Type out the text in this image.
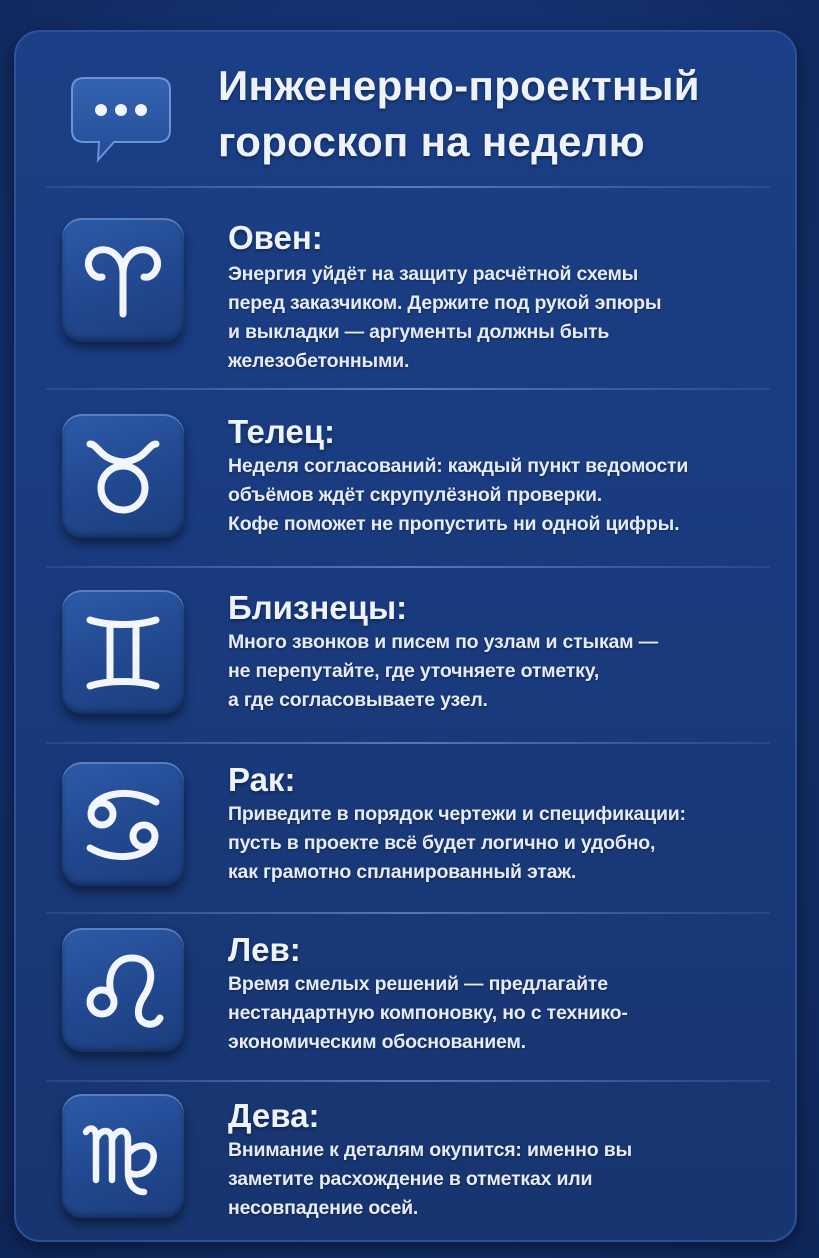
Инженерно-проектный
гороскоп на неделю
Овен:

Энергия уйдёт на защиту расчётной схемы
перед заказчиком. Держите под рукой эпюры
и выкладки — аргументы должны быть
железобетонными.

Телец:

Неделя согласований: каждый пункт ведомости
объёмов ждёт скрупулёзной проверки.
Кофе поможет не пропустить ни одной цифры.

Близнецы:

Много звонков и писем по узлам и стыкам —
не перепутайте, где уточняете отметку,
а где согласовываете узел.

Рак:

Приведите в порядок чертежи и спецификации:
пусть в проекте всё будет логично и удобно,
как грамотно спланированный этаж.

Лев:

Время смелых решений — предлагайте
нестандартную компоновку, но с технико-
экономическим обоснованием.

Дева:

Внимание к деталям окупится: именно вы
заметите расхождение в отметках или
несовпадение осей.
